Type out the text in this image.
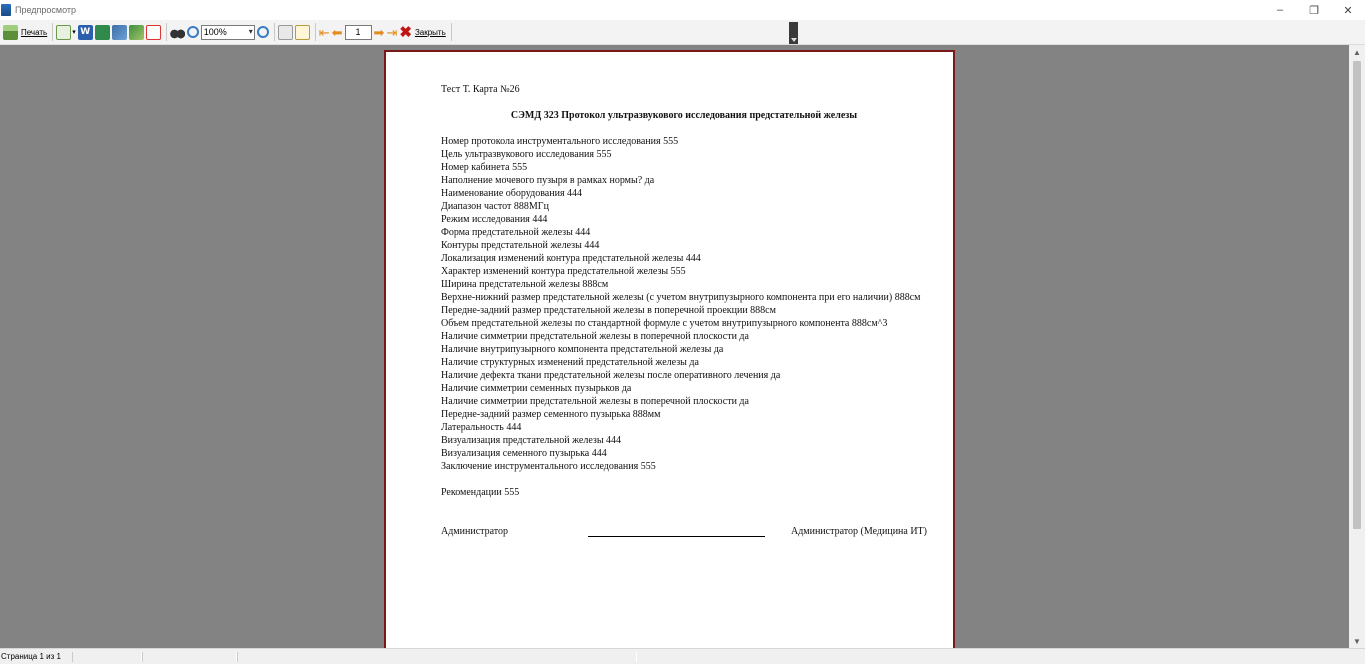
Предпросмотр	–	❐	✕
Печать	▾ W	100%	▾	⇤ ⬅	1	➡ ⇥ ✖ Закрыть
Тест Т. Карта №26
СЭМД 323 Протокол ультразвукового исследования предстательной железы
Номер протокола инструментального исследования 555
Цель ультразвукового исследования 555
Номер кабинета 555
Наполнение мочевого пузыря в рамках нормы? да
Наименование оборудования 444
Диапазон частот 888МГц
Режим исследования 444
Форма предстательной железы 444
Контуры предстательной железы 444
Локализация изменений контура предстательной железы 444
Характер изменений контура предстательной железы 555
Ширина предстательной железы 888см
Верхне-нижний размер предстательной железы (с учетом внутрипузырного компонента при его наличии) 888см
Передне-задний размер предстательной железы в поперечной проекции 888см
Объем предстательной железы по стандартной формуле с учетом внутрипузырного компонента 888см^3
Наличие симметрии предстательной железы в поперечной плоскости да
Наличие внутрипузырного компонента предстательной железы да
Наличие структурных изменений предстательной железы да
Наличие дефекта ткани предстательной железы после оперативного лечения да
Наличие симметрии семенных пузырьков да
Наличие симметрии предстательной железы в поперечной плоскости да
Передне-задний размер семенного пузырька 888мм
Латеральность 444
Визуализация предстательной железы 444
Визуализация семенного пузырька 444
Заключение инструментального исследования 555
Рекомендации 555
Администратор	Администратор (Медицина ИТ)
▲
▼
Страница 1 из 1
